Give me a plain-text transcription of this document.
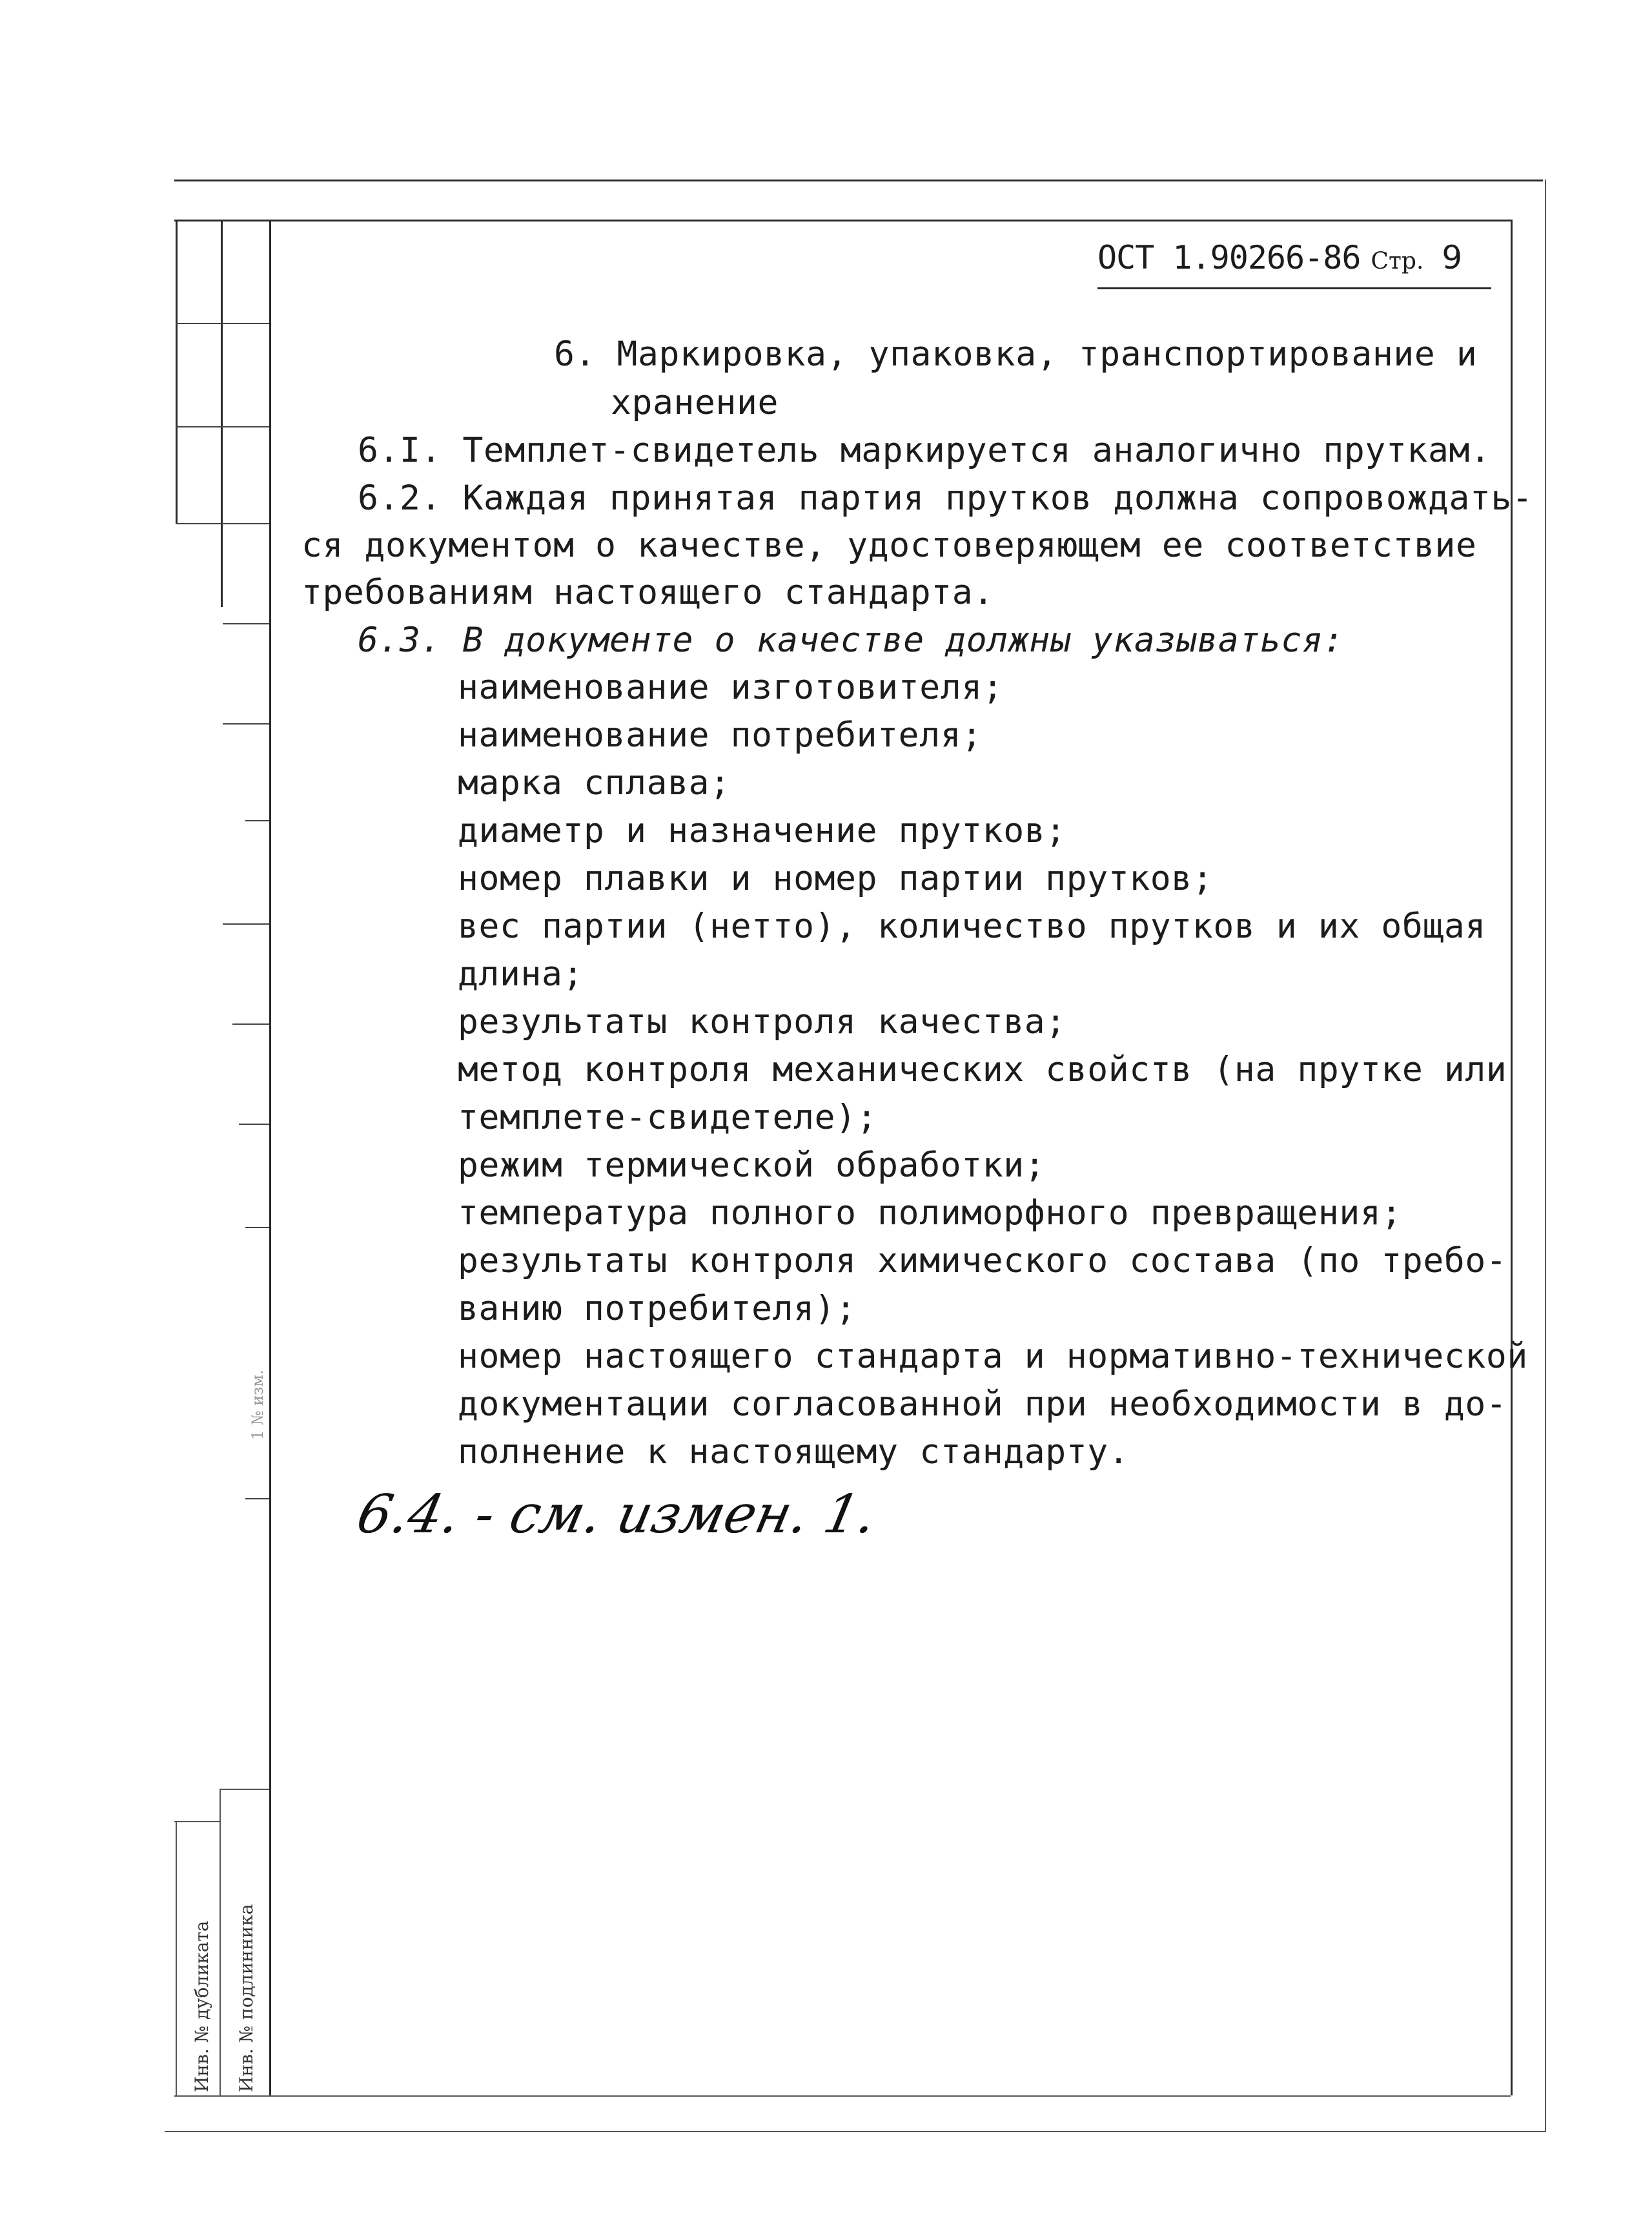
Инв. № дубликата Инв. № подлинника
1 № изм.
ОСТ 1.90266-86 Стр. 9
6. Маркировка, упаковка, транспортирование и
хранение
6.I. Темплет-свидетель маркируется аналогично пруткам.
6.2. Каждая принятая партия прутков должна сопровождать-
ся документом о качестве, удостоверяющем ее соответствие
требованиям настоящего стандарта.
6.3. В документе о качестве должны указываться:
наименование изготовителя;
наименование потребителя;
марка сплава;
диаметр и назначение прутков;
номер плавки и номер партии прутков;
вес партии (нетто), количество прутков и их общая
длина;
результаты контроля качества;
метод контроля механических свойств (на прутке или
темплете-свидетеле);
режим термической обработки;
температура полного полиморфного превращения;
результаты контроля химического состава (по требо-
ванию потребителя);
номер настоящего стандарта и нормативно-технической
документации согласованной при необходимости в до-
полнение к настоящему стандарту.
6.4. - см. измен. 1.
